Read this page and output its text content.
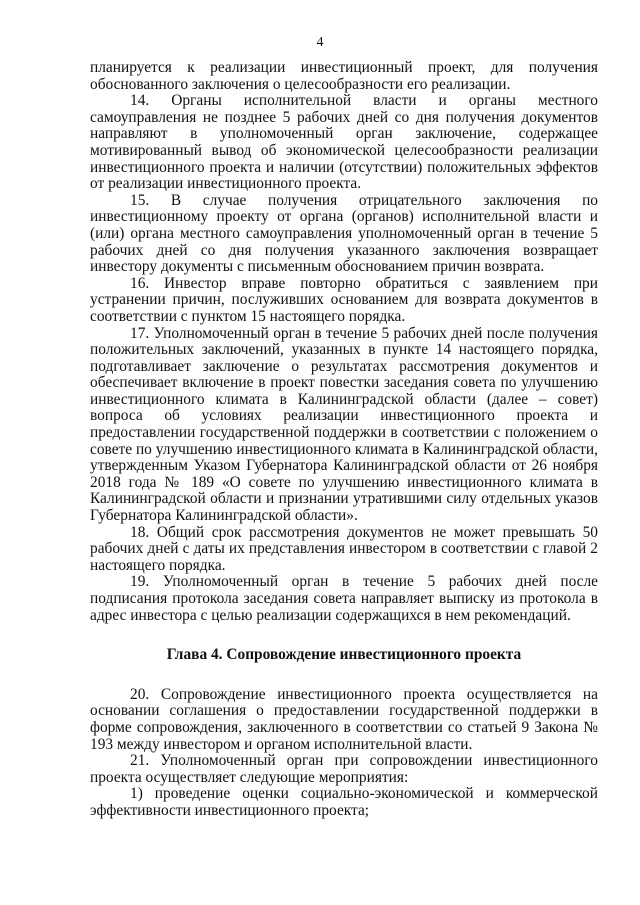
4

планируется к реализации инвестиционный проект, для получения обоснованного заключения о целесообразности его реализации.

14. Органы исполнительной власти и органы местного самоуправления не позднее 5 рабочих дней со дня получения документов направляют в уполномоченный орган заключение, содержащее мотивированный вывод об экономической целесообразности реализации инвестиционного проекта и наличии (отсутствии) положительных эффектов от реализации инвестиционного проекта.

15. В случае получения отрицательного заключения по инвестиционному проекту от органа (органов) исполнительной власти и (или) органа местного самоуправления уполномоченный орган в течение 5 рабочих дней со дня получения указанного заключения возвращает инвестору документы с письменным обоснованием причин возврата.

16. Инвестор вправе повторно обратиться с заявлением при устранении причин, послуживших основанием для возврата документов в соответствии с пунктом 15 настоящего порядка.

17. Уполномоченный орган в течение 5 рабочих дней после получения положительных заключений, указанных в пункте 14 настоящего порядка, подготавливает заключение о результатах рассмотрения документов и обеспечивает включение в проект повестки заседания совета по улучшению инвестиционного климата в Калининградской области (далее – совет) вопроса об условиях реализации инвестиционного проекта и предоставлении государственной поддержки в соответствии с положением о совете по улучшению инвестиционного климата в Калининградской области, утвержденным Указом Губернатора Калининградской области от 26 ноября 2018 года № 189 «О совете по улучшению инвестиционного климата в Калининградской области и признании утратившими силу отдельных указов Губернатора Калининградской области».

18. Общий срок рассмотрения документов не может превышать 50 рабочих дней с даты их представления инвестором в соответствии с главой 2 настоящего порядка.

19. Уполномоченный орган в течение 5 рабочих дней после подписания протокола заседания совета направляет выписку из протокола в адрес инвестора с целью реализации содержащихся в нем рекомендаций.

Глава 4. Сопровождение инвестиционного проекта

20. Сопровождение инвестиционного проекта осуществляется на основании соглашения о предоставлении государственной поддержки в форме сопровождения, заключенного в соответствии со статьей 9 Закона № 193 между инвестором и органом исполнительной власти.

21. Уполномоченный орган при сопровождении инвестиционного проекта осуществляет следующие мероприятия:

1) проведение оценки социально-экономической и коммерческой эффективности инвестиционного проекта;
